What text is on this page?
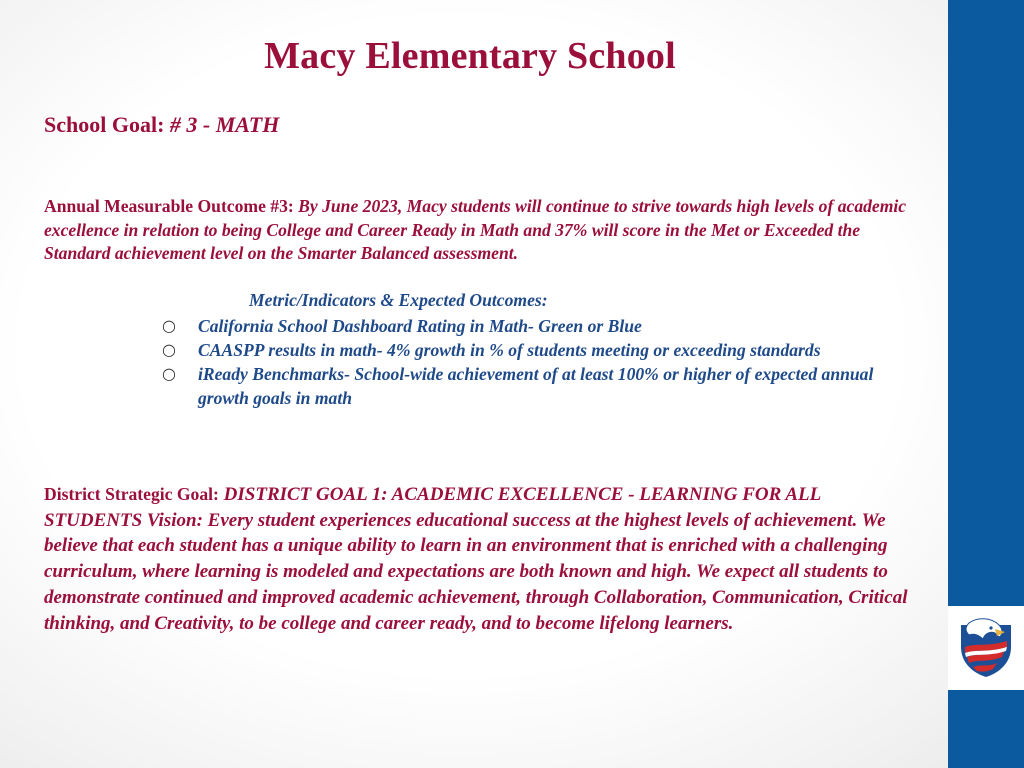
Macy Elementary School
School Goal: # 3 - MATH
Annual Measurable Outcome #3: By June 2023, Macy students will continue to strive towards high levels of academic excellence in relation to being College and Career Ready in Math and 37% will score in the Met or Exceeded the Standard achievement level on the Smarter Balanced assessment.
Metric/Indicators & Expected Outcomes:
○ California School Dashboard Rating in Math- Green or Blue
○ CAASPP results in math- 4% growth in % of students meeting or exceeding standards
○ iReady Benchmarks- School-wide achievement of at least 100% or higher of expected annual growth goals in math
District Strategic Goal: DISTRICT GOAL 1: ACADEMIC EXCELLENCE - LEARNING FOR ALL STUDENTS Vision: Every student experiences educational success at the highest levels of achievement. We believe that each student has a unique ability to learn in an environment that is enriched with a challenging curriculum, where learning is modeled and expectations are both known and high. We expect all students to demonstrate continued and improved academic achievement, through Collaboration, Communication, Critical thinking, and Creativity, to be college and career ready, and to become lifelong learners.
